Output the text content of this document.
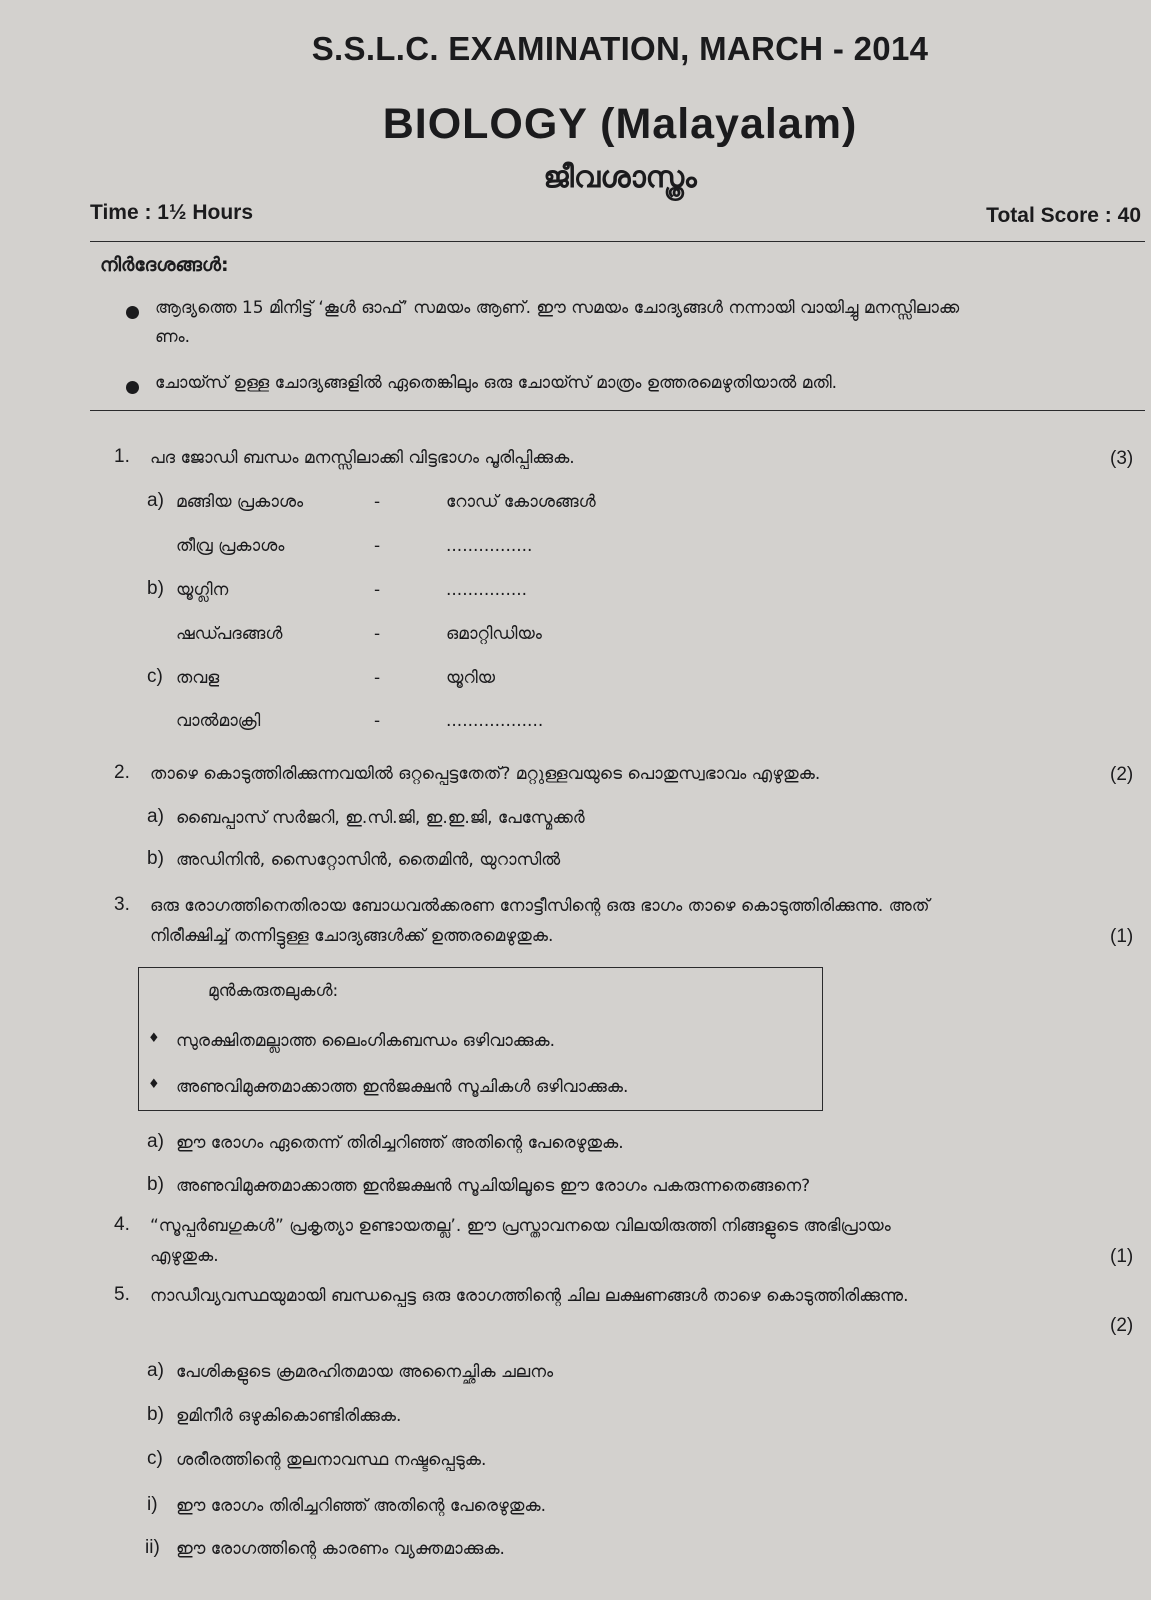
S.S.L.C. EXAMINATION, MARCH - 2014
BIOLOGY (Malayalam)
ജീവശാസ്ത്രം
Time : 1½ Hours	Total Score : 40
നിർദേശങ്ങൾ:
ആദ്യത്തെ 15 മിനിട്ട് ‘കൂൾ ഓഫ്’ സമയം ആണ്. ഈ സമയം ചോദ്യങ്ങൾ നന്നായി വായിച്ചു മനസ്സിലാക്ക
ണം.
ചോയ്സ് ഉള്ള ചോദ്യങ്ങളിൽ ഏതെങ്കിലും ഒരു ചോയ്സ് മാത്രം ഉത്തരമെഴുതിയാൽ മതി.
1. പദ ജോഡി ബന്ധം മനസ്സിലാക്കി വിട്ടഭാഗം പൂരിപ്പിക്കുക.	(3)
a) മങ്ങിയ പ്രകാശം	-	റോഡ് കോശങ്ങൾ
തീവ്ര പ്രകാശം	-	................
b) യൂഗ്ലിന	-	...............
ഷഡ്പദങ്ങൾ	-	ഒമാറ്റിഡിയം
c) തവള	-	യൂറിയ
വാൽമാക്രി	-	..................
2. താഴെ കൊടുത്തിരിക്കുന്നവയിൽ ഒറ്റപ്പെട്ടതേത്? മറ്റുള്ളവയുടെ പൊതുസ്വഭാവം എഴുതുക.	(2)
a) ബൈപ്പാസ് സർജറി, ഇ.സി.ജി, ഇ.ഇ.ജി, പേസ്മേക്കർ
b) അഡിനിൻ, സൈറ്റോസിൻ, തൈമിൻ, യുറാസിൽ
3. ഒരു രോഗത്തിനെതിരായ ബോധവൽക്കരണ നോട്ടീസിന്റെ ഒരു ഭാഗം താഴെ കൊടുത്തിരിക്കുന്നു. അത്
നിരീക്ഷിച്ച് തന്നിട്ടുള്ള ചോദ്യങ്ങൾക്ക് ഉത്തരമെഴുതുക.	(1)
മുൻകരുതലുകൾ:
♦ സുരക്ഷിതമല്ലാത്ത ലൈംഗികബന്ധം ഒഴിവാക്കുക.
♦ അണുവിമുക്തമാക്കാത്ത ഇൻജക്ഷൻ സൂചികൾ ഒഴിവാക്കുക.
a) ഈ രോഗം ഏതെന്ന് തിരിച്ചറിഞ്ഞ് അതിന്റെ പേരെഴുതുക.
b) അണുവിമുക്തമാക്കാത്ത ഇൻജക്ഷൻ സൂചിയിലൂടെ ഈ രോഗം പകരുന്നതെങ്ങനെ?
4. “സൂപ്പർബഗുകൾ” പ്രകൃത്യാ ഉണ്ടായതല്ല’. ഈ പ്രസ്താവനയെ വിലയിരുത്തി നിങ്ങളുടെ അഭിപ്രായം
എഴുതുക.	(1)
5. നാഡീവ്യവസ്ഥയുമായി ബന്ധപ്പെട്ട ഒരു രോഗത്തിന്റെ ചില ലക്ഷണങ്ങൾ താഴെ കൊടുത്തിരിക്കുന്നു.
(2)
a) പേശികളുടെ ക്രമരഹിതമായ അനൈച്ഛിക ചലനം
b) ഉമിനീർ ഒഴുകികൊണ്ടിരിക്കുക.
c) ശരീരത്തിന്റെ തുലനാവസ്ഥ നഷ്ടപ്പെടുക.
i) ഈ രോഗം തിരിച്ചറിഞ്ഞ് അതിന്റെ പേരെഴുതുക.
ii) ഈ രോഗത്തിന്റെ കാരണം വ്യക്തമാക്കുക.
